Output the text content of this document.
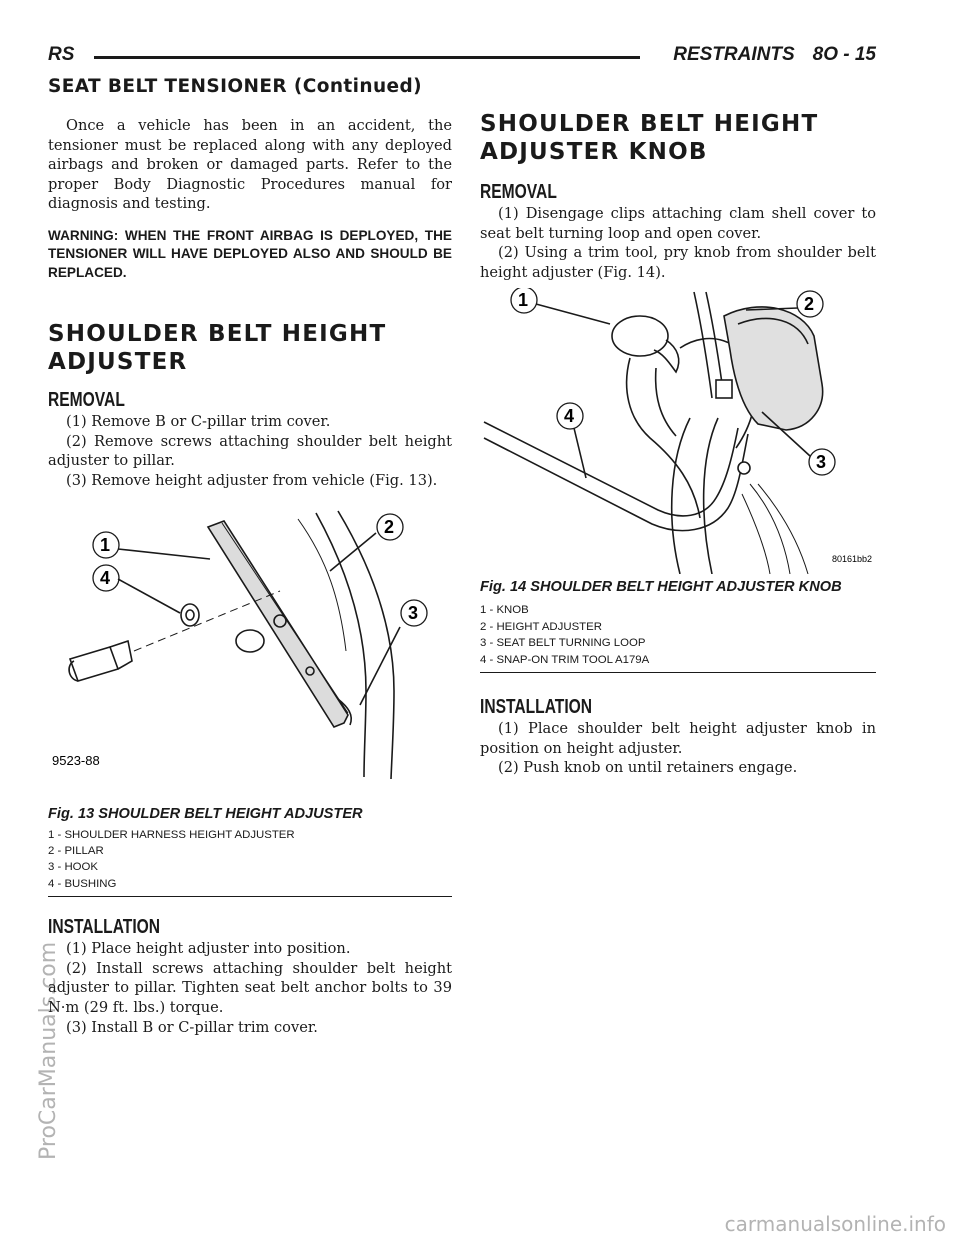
ProCarManuals.com
carmanualsonline.info
RS	RESTRAINTS 8O - 15
SEAT BELT TENSIONER (Continued)

Once a vehicle has been in an accident, the tensioner must be replaced along with any deployed airbags and broken or damaged parts. Refer to the proper Body Diagnostic Procedures manual for diagnosis and testing.

WARNING: WHEN THE FRONT AIRBAG IS DEPLOYED, THE TENSIONER WILL HAVE DEPLOYED ALSO AND SHOULD BE REPLACED.

SHOULDER BELT HEIGHT
ADJUSTER
REMOVAL

(1) Remove B or C-pillar trim cover.

(2) Remove screws attaching shoulder belt height adjuster to pillar.

(3) Remove height adjuster from vehicle (Fig. 13).

1
4
2
3
9523-88
Fig. 13 SHOULDER BELT HEIGHT ADJUSTER
1 - SHOULDER HARNESS HEIGHT ADJUSTER
2 - PILLAR
3 - HOOK
4 - BUSHING
INSTALLATION

(1) Place height adjuster into position.

(2) Install screws attaching shoulder belt height adjuster to pillar. Tighten seat belt anchor bolts to 39 N·m (29 ft. lbs.) torque.

(3) Install B or C-pillar trim cover.

SHOULDER BELT HEIGHT
ADJUSTER KNOB
REMOVAL

(1) Disengage clips attaching clam shell cover to seat belt turning loop and open cover.

(2) Using a trim tool, pry knob from shoulder belt height adjuster (Fig. 14).

1	2
3
4
80161bb2
Fig. 14 SHOULDER BELT HEIGHT ADJUSTER KNOB
1 - KNOB
2 - HEIGHT ADJUSTER
3 - SEAT BELT TURNING LOOP
4 - SNAP-ON TRIM TOOL A179A
INSTALLATION

(1) Place shoulder belt height adjuster knob in position on height adjuster.

(2) Push knob on until retainers engage.
